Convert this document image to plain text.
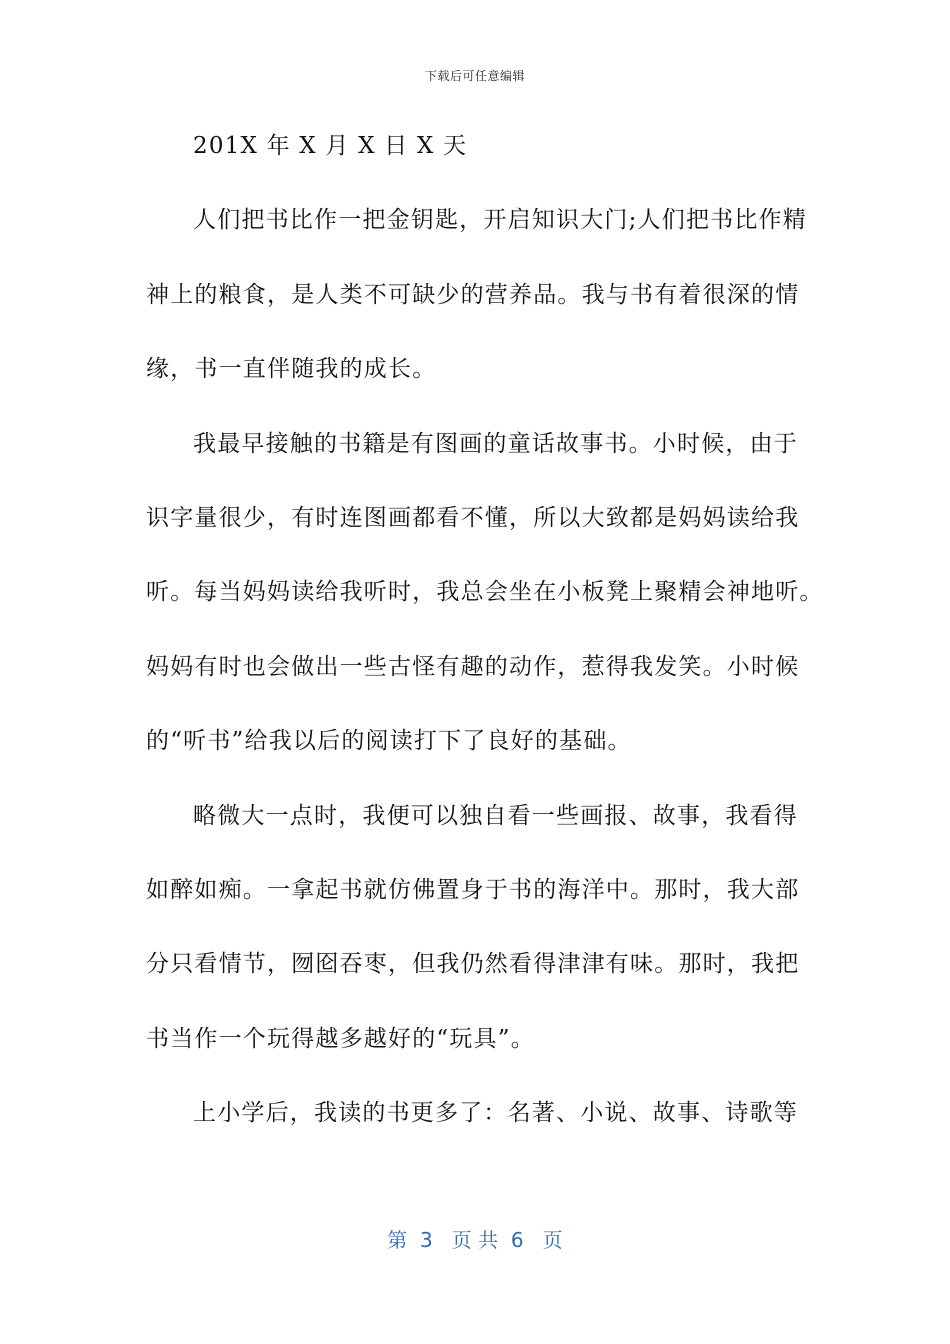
下载后可任意编辑
201X 年 X 月 X 日 X 天
人们把书比作一把金钥匙，开启知识大门;人们把书比作精
神上的粮食，是人类不可缺少的营养品。我与书有着很深的情
缘，书一直伴随我的成长。
我最早接触的书籍是有图画的童话故事书。小时候，由于
识字量很少，有时连图画都看不懂，所以大致都是妈妈读给我
听。每当妈妈读给我听时，我总会坐在小板凳上聚精会神地听。
妈妈有时也会做出一些古怪有趣的动作，惹得我发笑。小时候
的“听书”给我以后的阅读打下了良好的基础。
略微大一点时，我便可以独自看一些画报、故事，我看得
如醉如痴。一拿起书就仿佛置身于书的海洋中。那时，我大部
分只看情节，囫囵吞枣，但我仍然看得津津有味。那时，我把
书当作一个玩得越多越好的“玩具”。
上小学后，我读的书更多了：名著、小说、故事、诗歌等
第  3   页 共  6   页
